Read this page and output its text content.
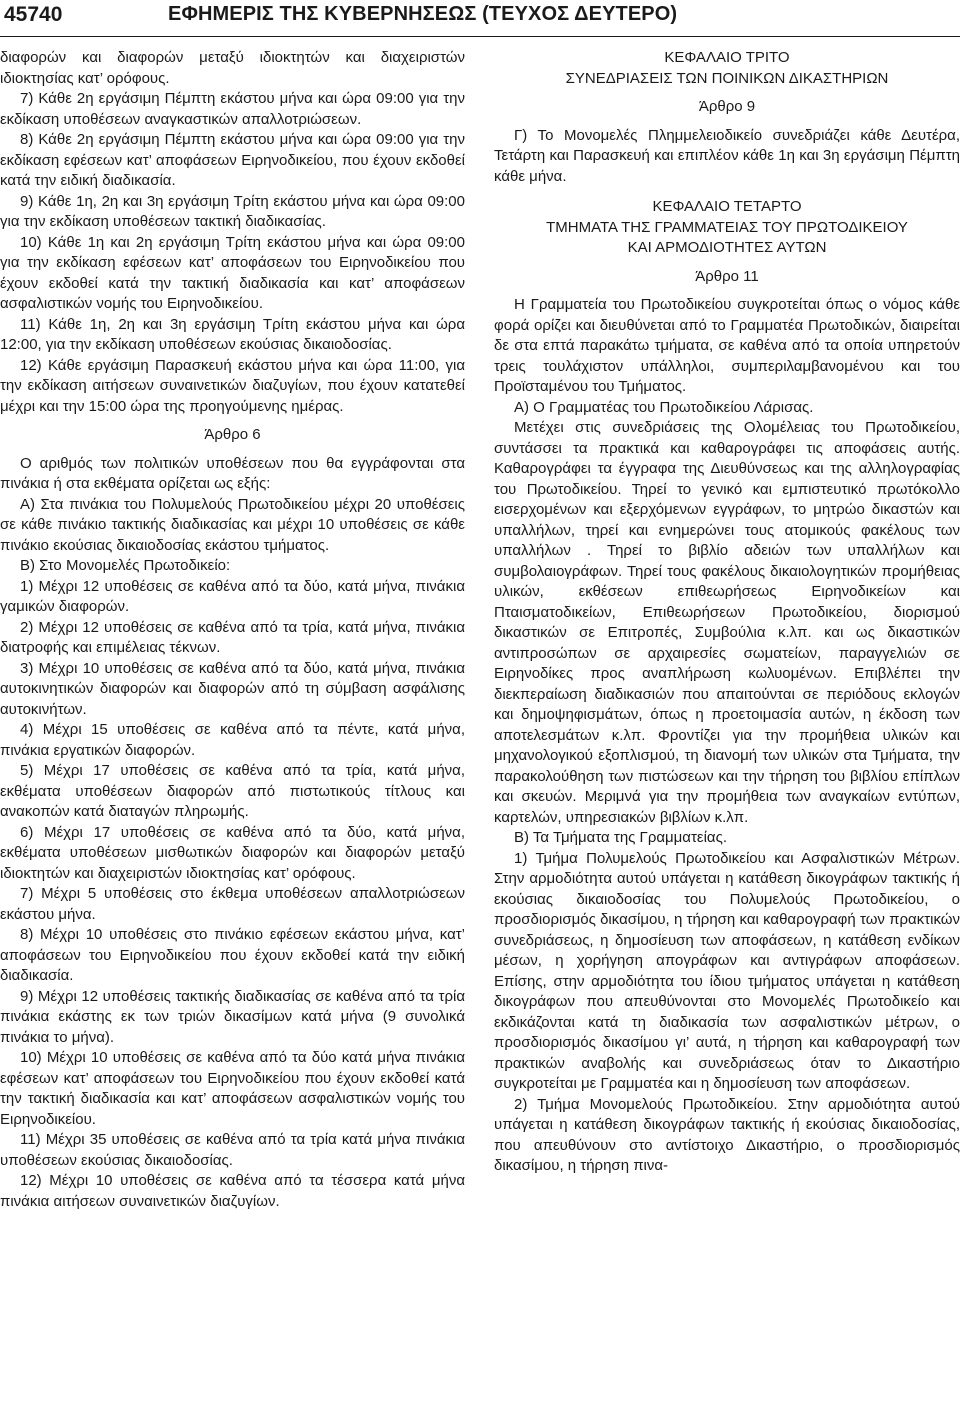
45740	ΕΦΗΜΕΡΙΣ ΤΗΣ ΚΥΒΕΡΝΗΣΕΩΣ (ΤΕΥΧΟΣ ΔΕΥΤΕΡΟ)

διαφορών και διαφορών μεταξύ ιδιοκτητών και διαχειριστών ιδιοκτησίας κατ’ ορόφους.

7) Κάθε 2η εργάσιμη Πέμπτη εκάστου μήνα και ώρα 09:00 για την εκδίκαση υποθέσεων αναγκαστικών απαλλοτριώσεων.

8) Κάθε 2η εργάσιμη Πέμπτη εκάστου μήνα και ώρα 09:00 για την εκδίκαση εφέσεων κατ’ αποφάσεων Ειρηνοδικείου, που έχουν εκδοθεί κατά την ειδική διαδικασία.

9) Κάθε 1η, 2η και 3η εργάσιμη Τρίτη εκάστου μήνα και ώρα 09:00 για την εκδίκαση υποθέσεων τακτική διαδικασίας.

10) Κάθε 1η και 2η εργάσιμη Τρίτη εκάστου μήνα και ώρα 09:00 για την εκδίκαση εφέσεων κατ’ αποφάσεων του Ειρηνοδικείου που έχουν εκδοθεί κατά την τακτική διαδικασία και κατ’ αποφάσεων ασφαλιστικών νομής του Ειρηνοδικείου.

11) Κάθε 1η, 2η και 3η εργάσιμη Τρίτη εκάστου μήνα και ώρα 12:00, για την εκδίκαση υποθέσεων εκούσιας δικαιοδοσίας.

12) Κάθε εργάσιμη Παρασκευή εκάστου μήνα και ώρα 11:00, για την εκδίκαση αιτήσεων συναινετικών διαζυγίων, που έχουν κατατεθεί μέχρι και την 15:00 ώρα της προηγούμενης ημέρας.

Άρθρο 6

Ο αριθμός των πολιτικών υποθέσεων που θα εγγράφονται στα πινάκια ή στα εκθέματα ορίζεται ως εξής:

Α) Στα πινάκια του Πολυμελούς Πρωτοδικείου μέχρι 20 υποθέσεις σε κάθε πινάκιο τακτικής διαδικασίας και μέχρι 10 υποθέσεις σε κάθε πινάκιο εκούσιας δικαιοδοσίας εκάστου τμήματος.

Β) Στο Μονομελές Πρωτοδικείο:

1) Μέχρι 12 υποθέσεις σε καθένα από τα δύο, κατά μήνα, πινάκια γαμικών διαφορών.

2) Μέχρι 12 υποθέσεις σε καθένα από τα τρία, κατά μήνα, πινάκια διατροφής και επιμέλειας τέκνων.

3) Μέχρι 10 υποθέσεις σε καθένα από τα δύο, κατά μήνα, πινάκια αυτοκινητικών διαφορών και διαφορών από τη σύμβαση ασφάλισης αυτοκινήτων.

4) Μέχρι 15 υποθέσεις σε καθένα από τα πέντε, κατά μήνα, πινάκια εργατικών διαφορών.

5) Μέχρι 17 υποθέσεις σε καθένα από τα τρία, κατά μήνα, εκθέματα υποθέσεων διαφορών από πιστωτικούς τίτλους και ανακοπών κατά διαταγών πληρωμής.

6) Μέχρι 17 υποθέσεις σε καθένα από τα δύο, κατά μήνα, εκθέματα υποθέσεων μισθωτικών διαφορών και διαφορών μεταξύ ιδιοκτητών και διαχειριστών ιδιοκτησίας κατ’ ορόφους.

7) Μέχρι 5 υποθέσεις στο έκθεμα υποθέσεων απαλλοτριώσεων εκάστου μήνα.

8) Μέχρι 10 υποθέσεις στο πινάκιο εφέσεων εκάστου μήνα, κατ’ αποφάσεων του Ειρηνοδικείου που έχουν εκδοθεί κατά την ειδική διαδικασία.

9) Μέχρι 12 υποθέσεις τακτικής διαδικασίας σε καθένα από τα τρία πινάκια εκάστης εκ των τριών δικασίμων κατά μήνα (9 συνολικά πινάκια το μήνα).

10) Μέχρι 10 υποθέσεις σε καθένα από τα δύο κατά μήνα πινάκια εφέσεων κατ’ αποφάσεων του Ειρηνοδικείου που έχουν εκδοθεί κατά την τακτική διαδικασία και κατ’ αποφάσεων ασφαλιστικών νομής του Ειρηνοδικείου.

11) Μέχρι 35 υποθέσεις σε καθένα από τα τρία κατά μήνα πινάκια υποθέσεων εκούσιας δικαιοδοσίας.

12) Μέχρι 10 υποθέσεις σε καθένα από τα τέσσερα κατά μήνα πινάκια αιτήσεων συναινετικών διαζυγίων.

ΚΕΦΑΛΑΙΟ ΤΡΙΤΟ

ΣΥΝΕΔΡΙΑΣΕΙΣ ΤΩΝ ΠΟΙΝΙΚΩΝ ΔΙΚΑΣΤΗΡΙΩΝ

Άρθρο 9

Γ) Το Μονομελές Πλημμελειοδικείο συνεδριάζει κάθε Δευτέρα, Τετάρτη και Παρασκευή και επιπλέον κάθε 1η και 3η εργάσιμη Πέμπτη κάθε μήνα.

ΚΕΦΑΛΑΙΟ ΤΕΤΑΡΤΟ

ΤΜΗΜΑΤΑ ΤΗΣ ΓΡΑΜΜΑΤΕΙΑΣ ΤΟΥ ΠΡΩΤΟΔΙΚΕΙΟΥ

ΚΑΙ ΑΡΜΟΔΙΟΤΗΤΕΣ ΑΥΤΩΝ

Άρθρο 11

Η Γραμματεία του Πρωτοδικείου συγκροτείται όπως ο νόμος κάθε φορά ορίζει και διευθύνεται από το Γραμματέα Πρωτοδικών, διαιρείται δε στα επτά παρακάτω τμήματα, σε καθένα από τα οποία υπηρετούν τρεις τουλάχιστον υπάλληλοι, συμπεριλαμβανομένου και του Προϊσταμένου του Τμήματος.

Α) Ο Γραμματέας του Πρωτοδικείου Λάρισας.

Μετέχει στις συνεδριάσεις της Ολομέλειας του Πρωτοδικείου, συντάσσει τα πρακτικά και καθαρογράφει τις αποφάσεις αυτής. Καθαρογράφει τα έγγραφα της Διευθύνσεως και της αλληλογραφίας του Πρωτοδικείου. Τηρεί το γενικό και εμπιστευτικό πρωτόκολλο εισερχομένων και εξερχόμενων εγγράφων, το μητρώο δικαστών και υπαλλήλων, τηρεί και ενημερώνει τους ατομικούς φακέλους των υπαλλήλων . Τηρεί το βιβλίο αδειών των υπαλλήλων και συμβολαιογράφων. Τηρεί τους φακέλους δικαιολογητικών προμήθειας υλικών, εκθέσεων επιθεωρήσεως Ειρηνοδικείων και Πταισματοδικείων, Επιθεωρήσεων Πρωτοδικείου, διορισμού δικαστικών σε Επιτροπές, Συμβούλια κ.λπ. και ως δικαστικών αντιπροσώπων σε αρχαιρεσίες σωματείων, παραγγελιών σε Ειρηνοδίκες προς αναπλήρωση κωλυομένων. Επιβλέπει την διεκπεραίωση διαδικασιών που απαιτούνται σε περιόδους εκλογών και δημοψηφισμάτων, όπως η προετοιμασία αυτών, η έκδοση των αποτελεσμάτων κ.λπ. Φροντίζει για την προμήθεια υλικών και μηχανολογικού εξοπλισμού, τη διανομή των υλικών στα Τμήματα, την παρακολούθηση των πιστώσεων και την τήρηση του βιβλίου επίπλων και σκευών. Μεριμνά για την προμήθεια των αναγκαίων εντύπων, καρτελών, υπηρεσιακών βιβλίων κ.λπ.

Β) Τα Τμήματα της Γραμματείας.

1) Τμήμα Πολυμελούς Πρωτοδικείου και Ασφαλιστικών Μέτρων. Στην αρμοδιότητα αυτού υπάγεται η κατάθεση δικογράφων τακτικής ή εκούσιας δικαιοδοσίας του Πολυμελούς Πρωτοδικείου, ο προσδιορισμός δικασίμου, η τήρηση και καθαρογραφή των πρακτικών συνεδριάσεως, η δημοσίευση των αποφάσεων, η κατάθεση ενδίκων μέσων, η χορήγηση απογράφων και αντιγράφων αποφάσεων. Επίσης, στην αρμοδιότητα του ίδιου τμήματος υπάγεται η κατάθεση δικογράφων που απευθύνονται στο Μονομελές Πρωτοδικείο και εκδικάζονται κατά τη διαδικασία των ασφαλιστικών μέτρων, ο προσδιορισμός δικασίμου γι’ αυτά, η τήρηση και καθαρογραφή των πρακτικών αναβολής και συνεδριάσεως όταν το Δικαστήριο συγκροτείται με Γραμματέα και η δημοσίευση των αποφάσεων.

2) Τμήμα Μονομελούς Πρωτοδικείου. Στην αρμοδιότητα αυτού υπάγεται η κατάθεση δικογράφων τακτικής ή εκούσιας δικαιοδοσίας, που απευθύνουν στο αντίστοιχο Δικαστήριο, ο προσδιορισμός δικασίμου, η τήρηση πινα-
